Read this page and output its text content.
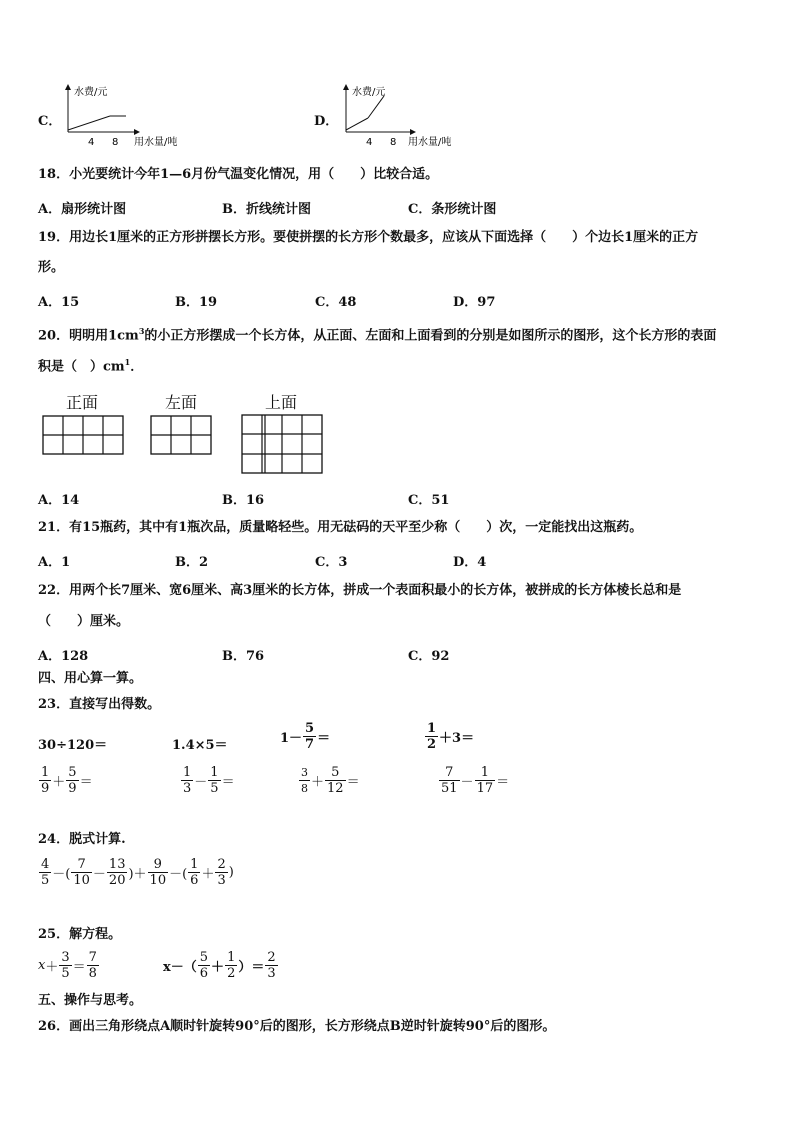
C．
水费/元
4 8 用水量/吨
D．
水费/元
4 8 用水量/吨
18．小光要统计今年1—6月份气温变化情况，用（　　）比较合适。
A．扇形统计图	B．折线统计图	C．条形统计图
19．用边长1厘米的正方形拼摆长方形。要使拼摆的长方形个数最多，应该从下面选择（　　）个边长1厘米的正方
形。
A．15	B．19	C．48	D．97
20．明明用$1cm^3$的小正方形摆成一个长方体，从正面、左面和上面看到的分别是如图所示的图形，这个长方形的表面
积是（　）$cm^1$．
正面	左面	上面
A．14	B．16	C．51
21．有15瓶药，其中有1瓶次品，质量略轻些。用无砝码的天平至少称（　　）次，一定能找出这瓶药。
A．1	B．2	C．3	D．4
22．用两个长7厘米、宽6厘米、高3厘米的长方体，拼成一个表面积最小的长方体，被拼成的长方体棱长总和是
（　　）厘米。
A．128	B．76	C．92
四、用心算一算。
23．直接写出得数。
30÷120＝	1.4×5＝	$1- \frac{5}{7}$ ＝	$\frac{1}{2} +3=$
$\frac{1}{9} + \frac{5}{9}$ ＝	$\frac{1}{3} - \frac{1}{5}$ ＝	$\frac{3}{8} + \frac{5}{12}$ ＝	$\frac{7}{51} - \frac{1}{17}$ ＝
24．脱式计算.
$\frac{4}{5}$ －( $\frac{7}{10} - \frac{13}{20}$ )＋ $\frac{9}{10}$ －( $\frac{1}{6} + \frac{2}{3}$ )
25．解方程。
$x + \frac{3}{5} = \frac{7}{8}$	$x-( \frac{5}{6} + \frac{1}{2}$ ）＝ $\frac{2}{3}$
五、操作与思考。
26．画出三角形绕点A顺时针旋转90°后的图形，长方形绕点B逆时针旋转90°后的图形。
